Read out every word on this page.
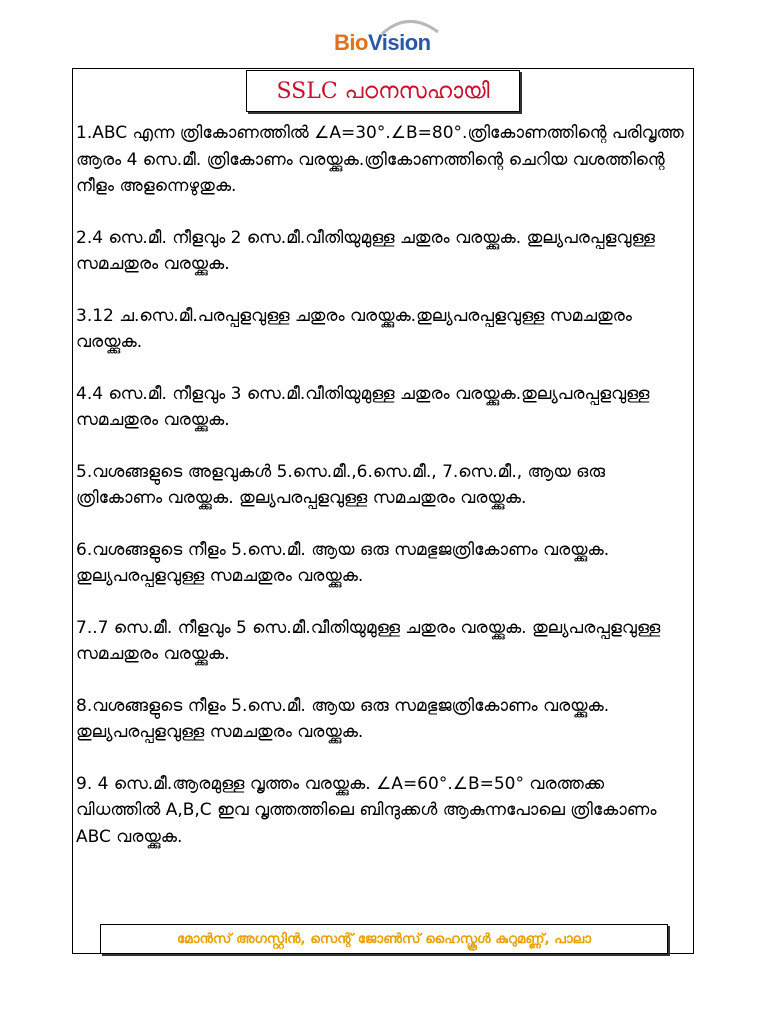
BioVision
SSLC പഠനസഹായി
1.ABC എന്ന ത്രികോണത്തിൽ ∠A=30°.∠B=80°.ത്രികോണത്തിന്റെ പരിവൃത്ത ആരം 4 സെ.മീ. ത്രികോണം വരയ്ക്കുക.ത്രികോണത്തിന്റെ ചെറിയ വശത്തിന്റെ നീളം അളന്നെഴുതുക.
2.4 സെ.മീ. നീളവും 2 സെ.മീ.വീതിയുമുള്ള ചതുരം വരയ്ക്കുക. തുല്യപരപ്പളവുള്ള സമചതുരം വരയ്ക്കുക.
3.12 ച.സെ.മീ.പരപ്പളവുള്ള ചതുരം വരയ്ക്കുക.തുല്യപരപ്പളവുള്ള സമചതുരം വരയ്ക്കുക.
4.4 സെ.മീ. നീളവും 3 സെ.മീ.വീതിയുമുള്ള ചതുരം വരയ്ക്കുക.തുല്യപരപ്പളവുള്ള സമചതുരം വരയ്ക്കുക.
5.വശങ്ങളുടെ അളവുകൾ 5.സെ.മീ.,6.സെ.മീ., 7.സെ.മീ., ആയ ഒരു ത്രികോണം വരയ്ക്കുക. തുല്യപരപ്പളവുള്ള സമചതുരം വരയ്ക്കുക.
6.വശങ്ങളുടെ നീളം 5.സെ.മീ. ആയ ഒരു സമഭുജത്രികോണം വരയ്ക്കുക. തുല്യപരപ്പളവുള്ള സമചതുരം വരയ്ക്കുക.
7..7 സെ.മീ. നീളവും 5 സെ.മീ.വീതിയുമുള്ള ചതുരം വരയ്ക്കുക. തുല്യപരപ്പളവുള്ള സമചതുരം വരയ്ക്കുക.
8.വശങ്ങളുടെ നീളം 5.സെ.മീ. ആയ ഒരു സമഭുജത്രികോണം വരയ്ക്കുക. തുല്യപരപ്പളവുള്ള സമചതുരം വരയ്ക്കുക.
9. 4 സെ.മീ.ആരമുള്ള വൃത്തം വരയ്ക്കുക. ∠A=60°.∠B=50° വരത്തക്ക വിധത്തിൽ A,B,C ഇവ വൃത്തത്തിലെ ബിന്ദുക്കൾ ആകുന്നപോലെ ത്രികോണം ABC വരയ്ക്കുക.
മോൻസ് അഗസ്റ്റിൻ, സെന്റ് ജോൺസ് ഹൈസ്കൂൾ കുറുമണ്ണ്, പാലാ
